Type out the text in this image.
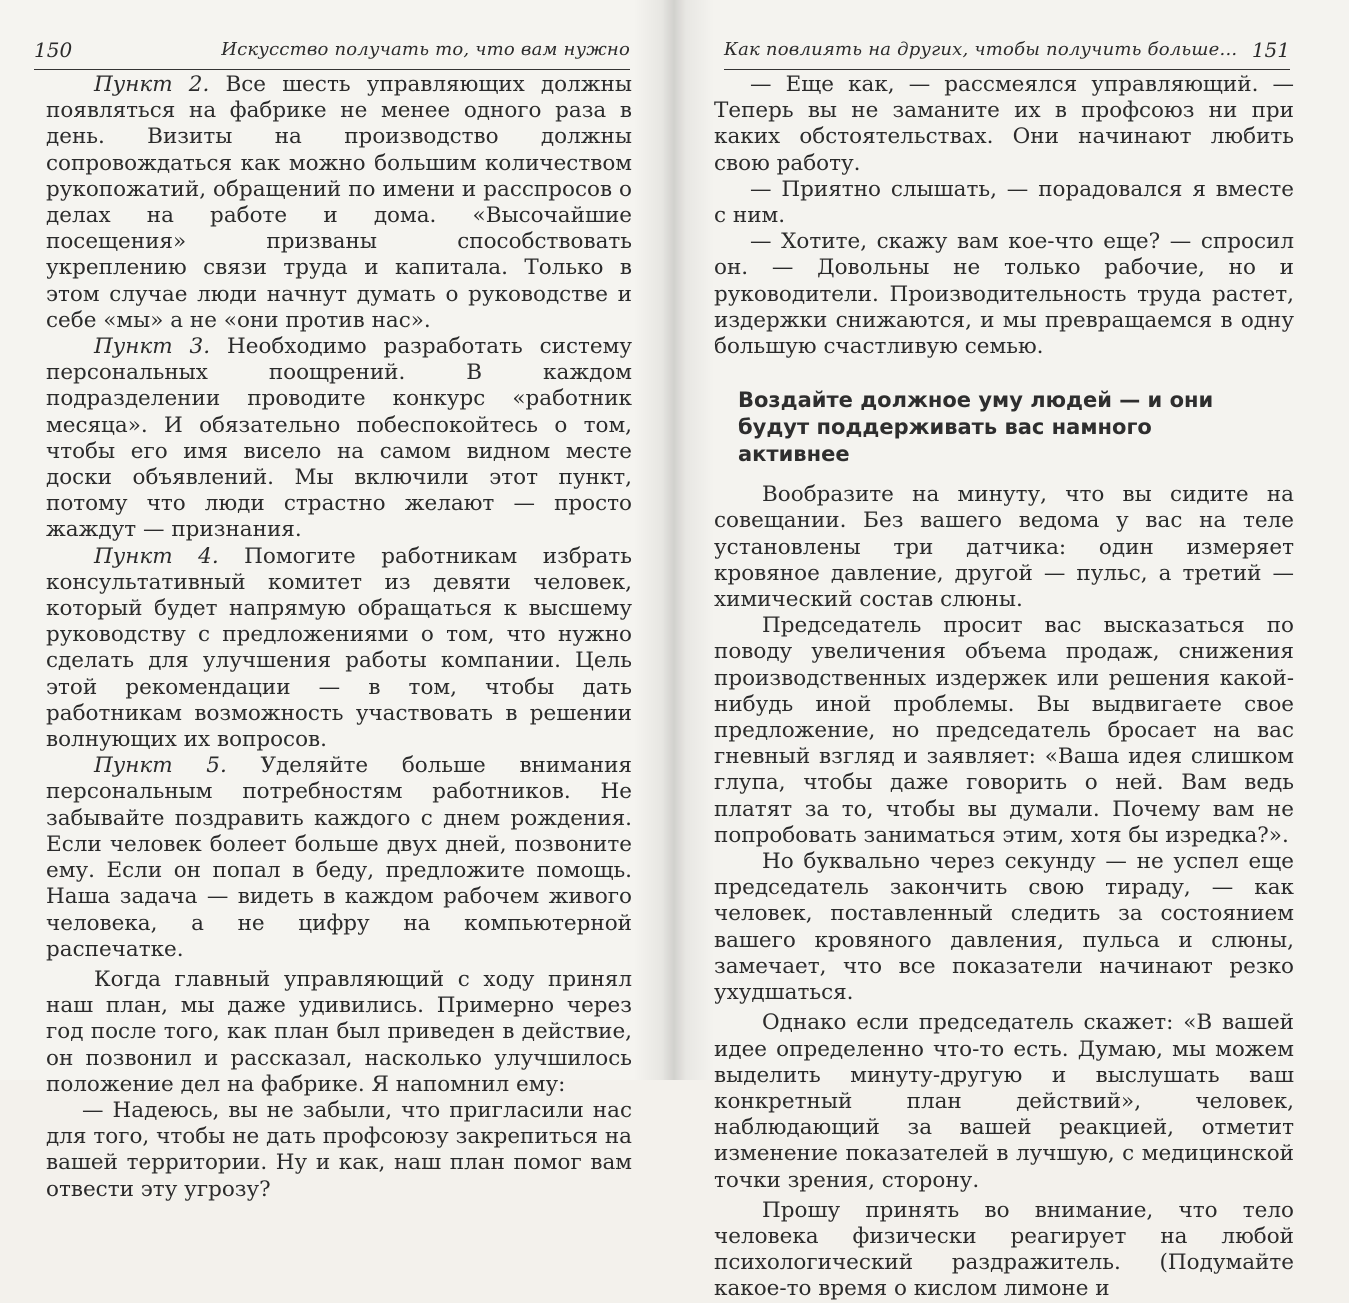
150	Искусство получать то, что вам нужно

Пункт 2. Все шесть управляющих должны появляться на фабрике не менее одного раза в день. Визиты на производство должны сопровождаться как можно большим количеством рукопожатий, обращений по имени и расспросов о делах на работе и дома. «Высочайшие посещения» призваны способствовать укреплению связи труда и капитала. Только в этом случае люди начнут думать о руководстве и себе «мы» а не «они против нас».

Пункт 3. Необходимо разработать систему персональных поощрений. В каждом подразделении проводите конкурс «работник месяца». И обязательно побеспокойтесь о том, чтобы его имя висело на самом видном месте доски объявлений. Мы включили этот пункт, потому что люди страстно желают — просто жаждут — признания.

Пункт 4. Помогите работникам избрать консультативный комитет из девяти человек, который будет напрямую обращаться к высшему руководству с предложениями о том, что нужно сделать для улучшения работы компании. Цель этой рекомендации — в том, чтобы дать работникам возможность участвовать в решении волнующих их вопросов.

Пункт 5. Уделяйте больше внимания персональным потребностям работников. Не забывайте поздравить каждого с днем рождения. Если человек болеет больше двух дней, позвоните ему. Если он попал в беду, предложите помощь. Наша задача — видеть в каждом рабочем живого человека, а не цифру на компьютерной распечатке.

Когда главный управляющий с ходу принял наш план, мы даже удивились. Примерно через год после того, как план был приведен в действие, он позвонил и рассказал, насколько улучшилось положение дел на фабрике. Я напомнил ему:

— Надеюсь, вы не забыли, что пригласили нас для того, чтобы не дать профсоюзу закрепиться на вашей территории. Ну и как, наш план помог вам отвести эту угрозу?

Как повлиять на других, чтобы получить больше... 151

— Еще как, — рассмеялся управляющий. — Теперь вы не заманите их в профсоюз ни при каких обстоятельствах. Они начинают любить свою работу.

— Приятно слышать, — порадовался я вместе с ним.

— Хотите, скажу вам кое-что еще? — спросил он. — Довольны не только рабочие, но и руководители. Производительность труда растет, издержки снижаются, и мы превращаемся в одну большую счастливую семью.

Воздайте должное уму людей — и они будут поддерживать вас намного активнее

Вообразите на минуту, что вы сидите на совещании. Без вашего ведома у вас на теле установлены три датчика: один измеряет кровяное давление, другой — пульс, а третий — химический состав слюны.

Председатель просит вас высказаться по поводу увеличения объема продаж, снижения производственных издержек или решения какой-нибудь иной проблемы. Вы выдвигаете свое предложение, но председатель бросает на вас гневный взгляд и заявляет: «Ваша идея слишком глупа, чтобы даже говорить о ней. Вам ведь платят за то, чтобы вы думали. Почему вам не попробовать заниматься этим, хотя бы изредка?».

Но буквально через секунду — не успел еще председатель закончить свою тираду, — как человек, поставленный следить за состоянием вашего кровяного давления, пульса и слюны, замечает, что все показатели начинают резко ухудшаться.

Однако если председатель скажет: «В вашей идее определенно что-то есть. Думаю, мы можем выделить минуту-другую и выслушать ваш конкретный план действий», человек, наблюдающий за вашей реакцией, отметит изменение показателей в лучшую, с медицинской точки зрения, сторону.

Прошу принять во внимание, что тело человека физически реагирует на любой психологический раздражитель. (Подумайте какое-то время о кислом лимоне и
